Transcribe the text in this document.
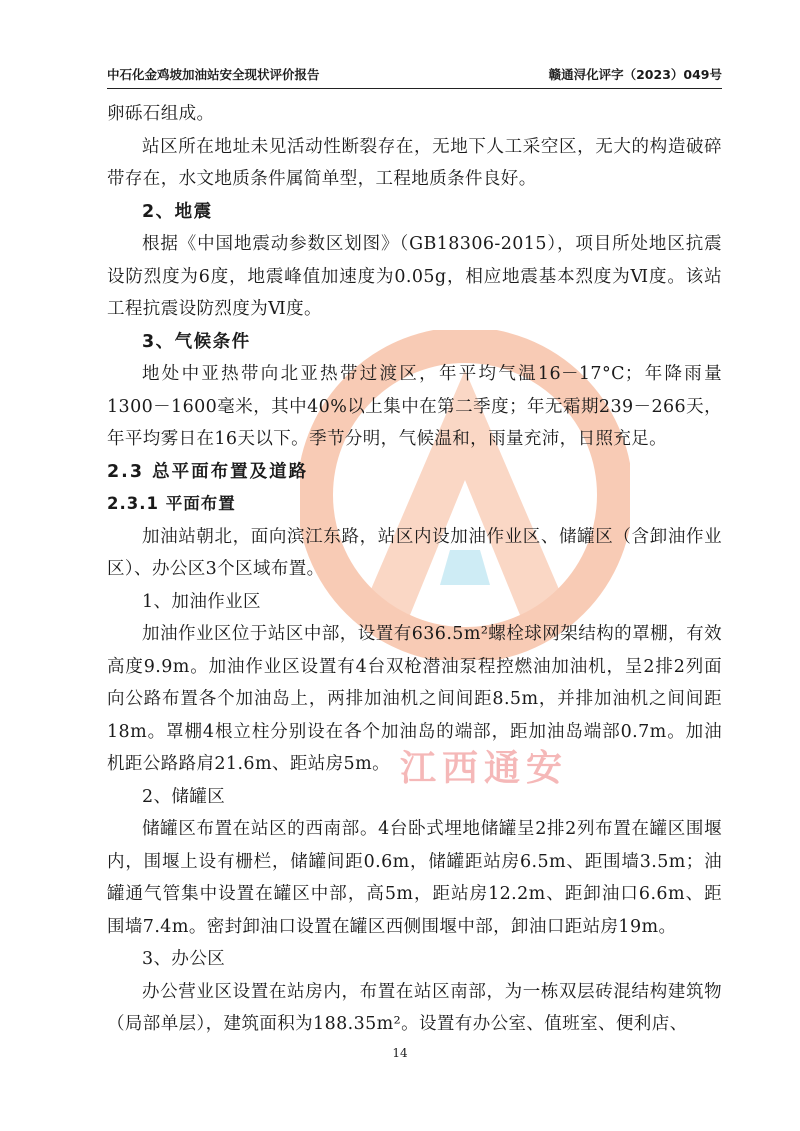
中石化金鸡坡加油站安全现状评价报告	赣通浔化评字（2023）049号
江西通安

卵砾石组成。

站区所在地址未见活动性断裂存在，无地下人工采空区，无大的构造破碎带存在，水文地质条件属简单型，工程地质条件良好。

2、地震

根据《中国地震动参数区划图》（GB18306-2015），项目所处地区抗震设防烈度为6度，地震峰值加速度为0.05g，相应地震基本烈度为Ⅵ度。该站工程抗震设防烈度为Ⅵ度。

3、气候条件

地处中亚热带向北亚热带过渡区，年平均气温16－17°C；年降雨量1300－1600毫米，其中40%以上集中在第二季度；年无霜期239－266天，年平均雾日在16天以下。季节分明，气候温和，雨量充沛，日照充足。

2.3 总平面布置及道路

2.3.1 平面布置

加油站朝北，面向滨江东路，站区内设加油作业区、储罐区（含卸油作业区）、办公区3个区域布置。

1、加油作业区

加油作业区位于站区中部，设置有636.5m²螺栓球网架结构的罩棚，有效高度9.9m。加油作业区设置有4台双枪潜油泵程控燃油加油机，呈2排2列面向公路布置各个加油岛上，两排加油机之间间距8.5m，并排加油机之间间距18m。罩棚4根立柱分别设在各个加油岛的端部，距加油岛端部0.7m。加油机距公路路肩21.6m、距站房5m。

2、储罐区

储罐区布置在站区的西南部。4台卧式埋地储罐呈2排2列布置在罐区围堰内，围堰上设有栅栏，储罐间距0.6m，储罐距站房6.5m、距围墙3.5m；油罐通气管集中设置在罐区中部，高5m，距站房12.2m、距卸油口6.6m、距围墙7.4m。密封卸油口设置在罐区西侧围堰中部，卸油口距站房19m。

3、办公区

办公营业区设置在站房内，布置在站区南部，为一栋双层砖混结构建筑物（局部单层），建筑面积为188.35m²。设置有办公室、值班室、便利店、

14
